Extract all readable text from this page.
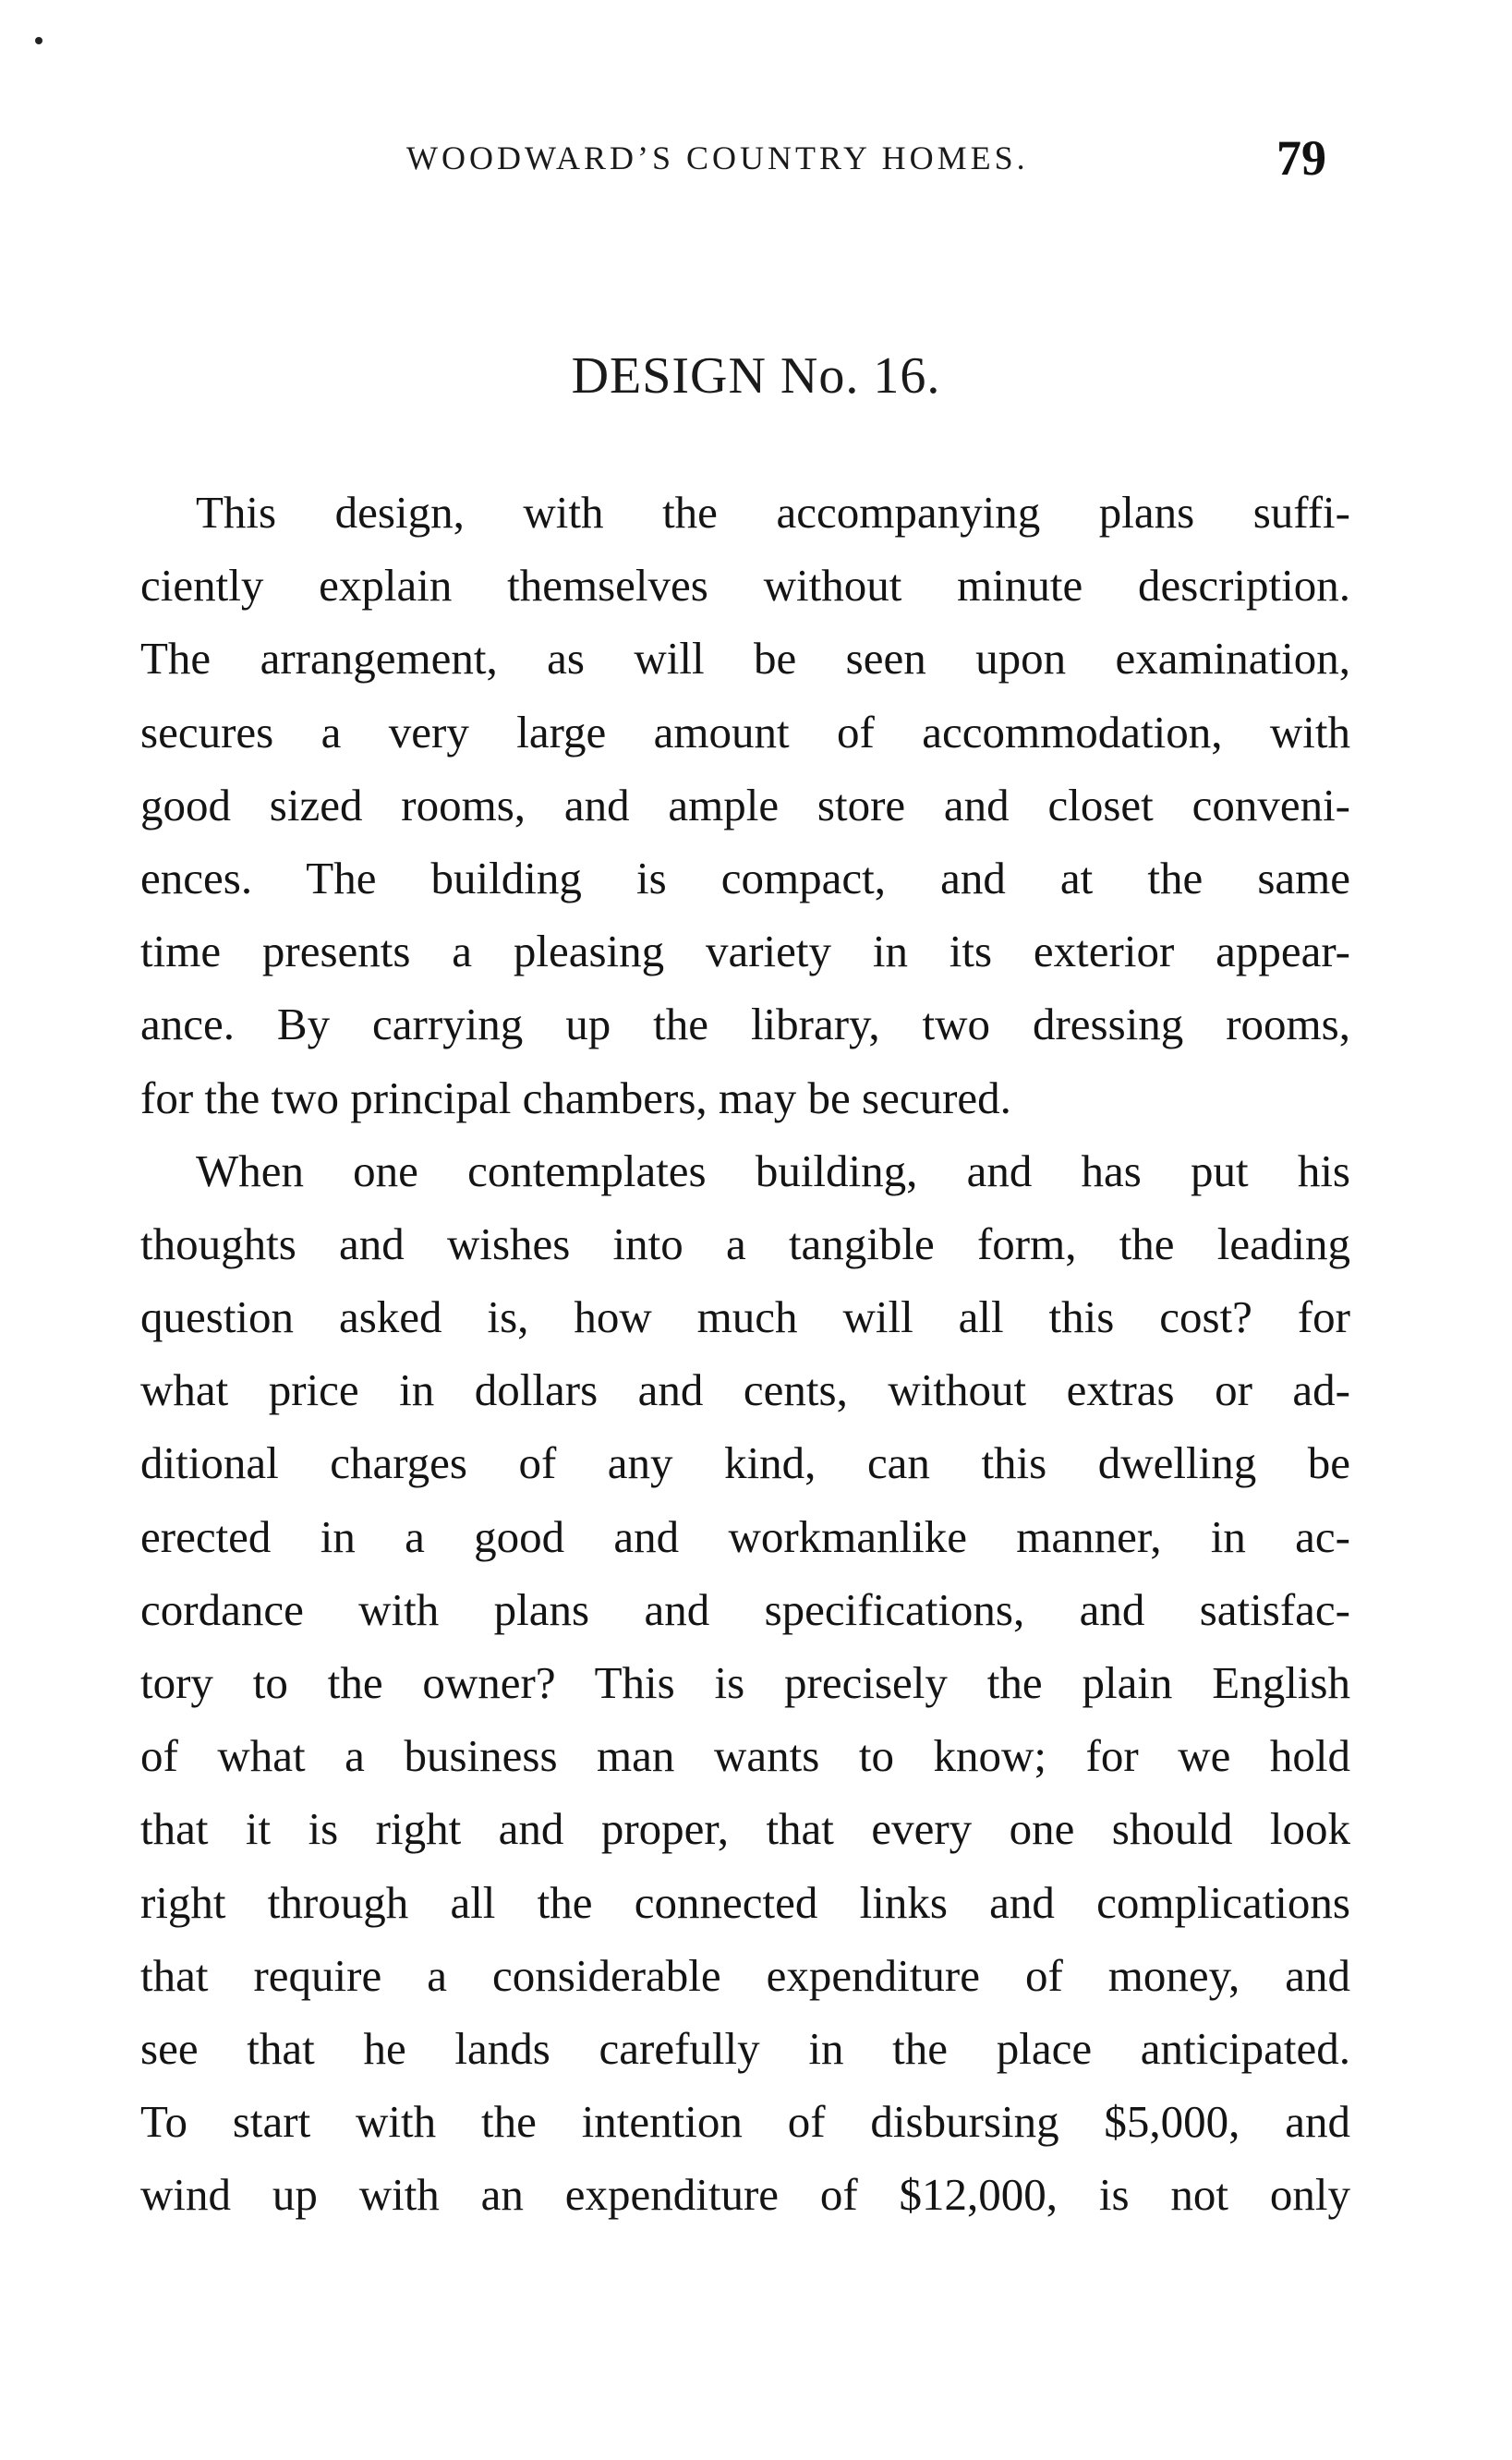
WOODWARD’S COUNTRY HOMES.	79
DESIGN No. 16.
This design, with the accompanying plans suffi-
ciently explain themselves without minute description.
The arrangement, as will be seen upon examination,
secures a very large amount of accommodation, with
good sized rooms, and ample store and closet conveni-
ences. The building is compact, and at the same
time presents a pleasing variety in its exterior appear-
ance. By carrying up the library, two dressing rooms,
for the two principal chambers, may be secured.
When one contemplates building, and has put his
thoughts and wishes into a tangible form, the leading
question asked is, how much will all this cost? for
what price in dollars and cents, without extras or ad-
ditional charges of any kind, can this dwelling be
erected in a good and workmanlike manner, in ac-
cordance with plans and specifications, and satisfac-
tory to the owner? This is precisely the plain English
of what a business man wants to know; for we hold
that it is right and proper, that every one should look
right through all the connected links and complications
that require a considerable expenditure of money, and
see that he lands carefully in the place anticipated.
To start with the intention of disbursing $5,000, and
wind up with an expenditure of $12,000, is not only
